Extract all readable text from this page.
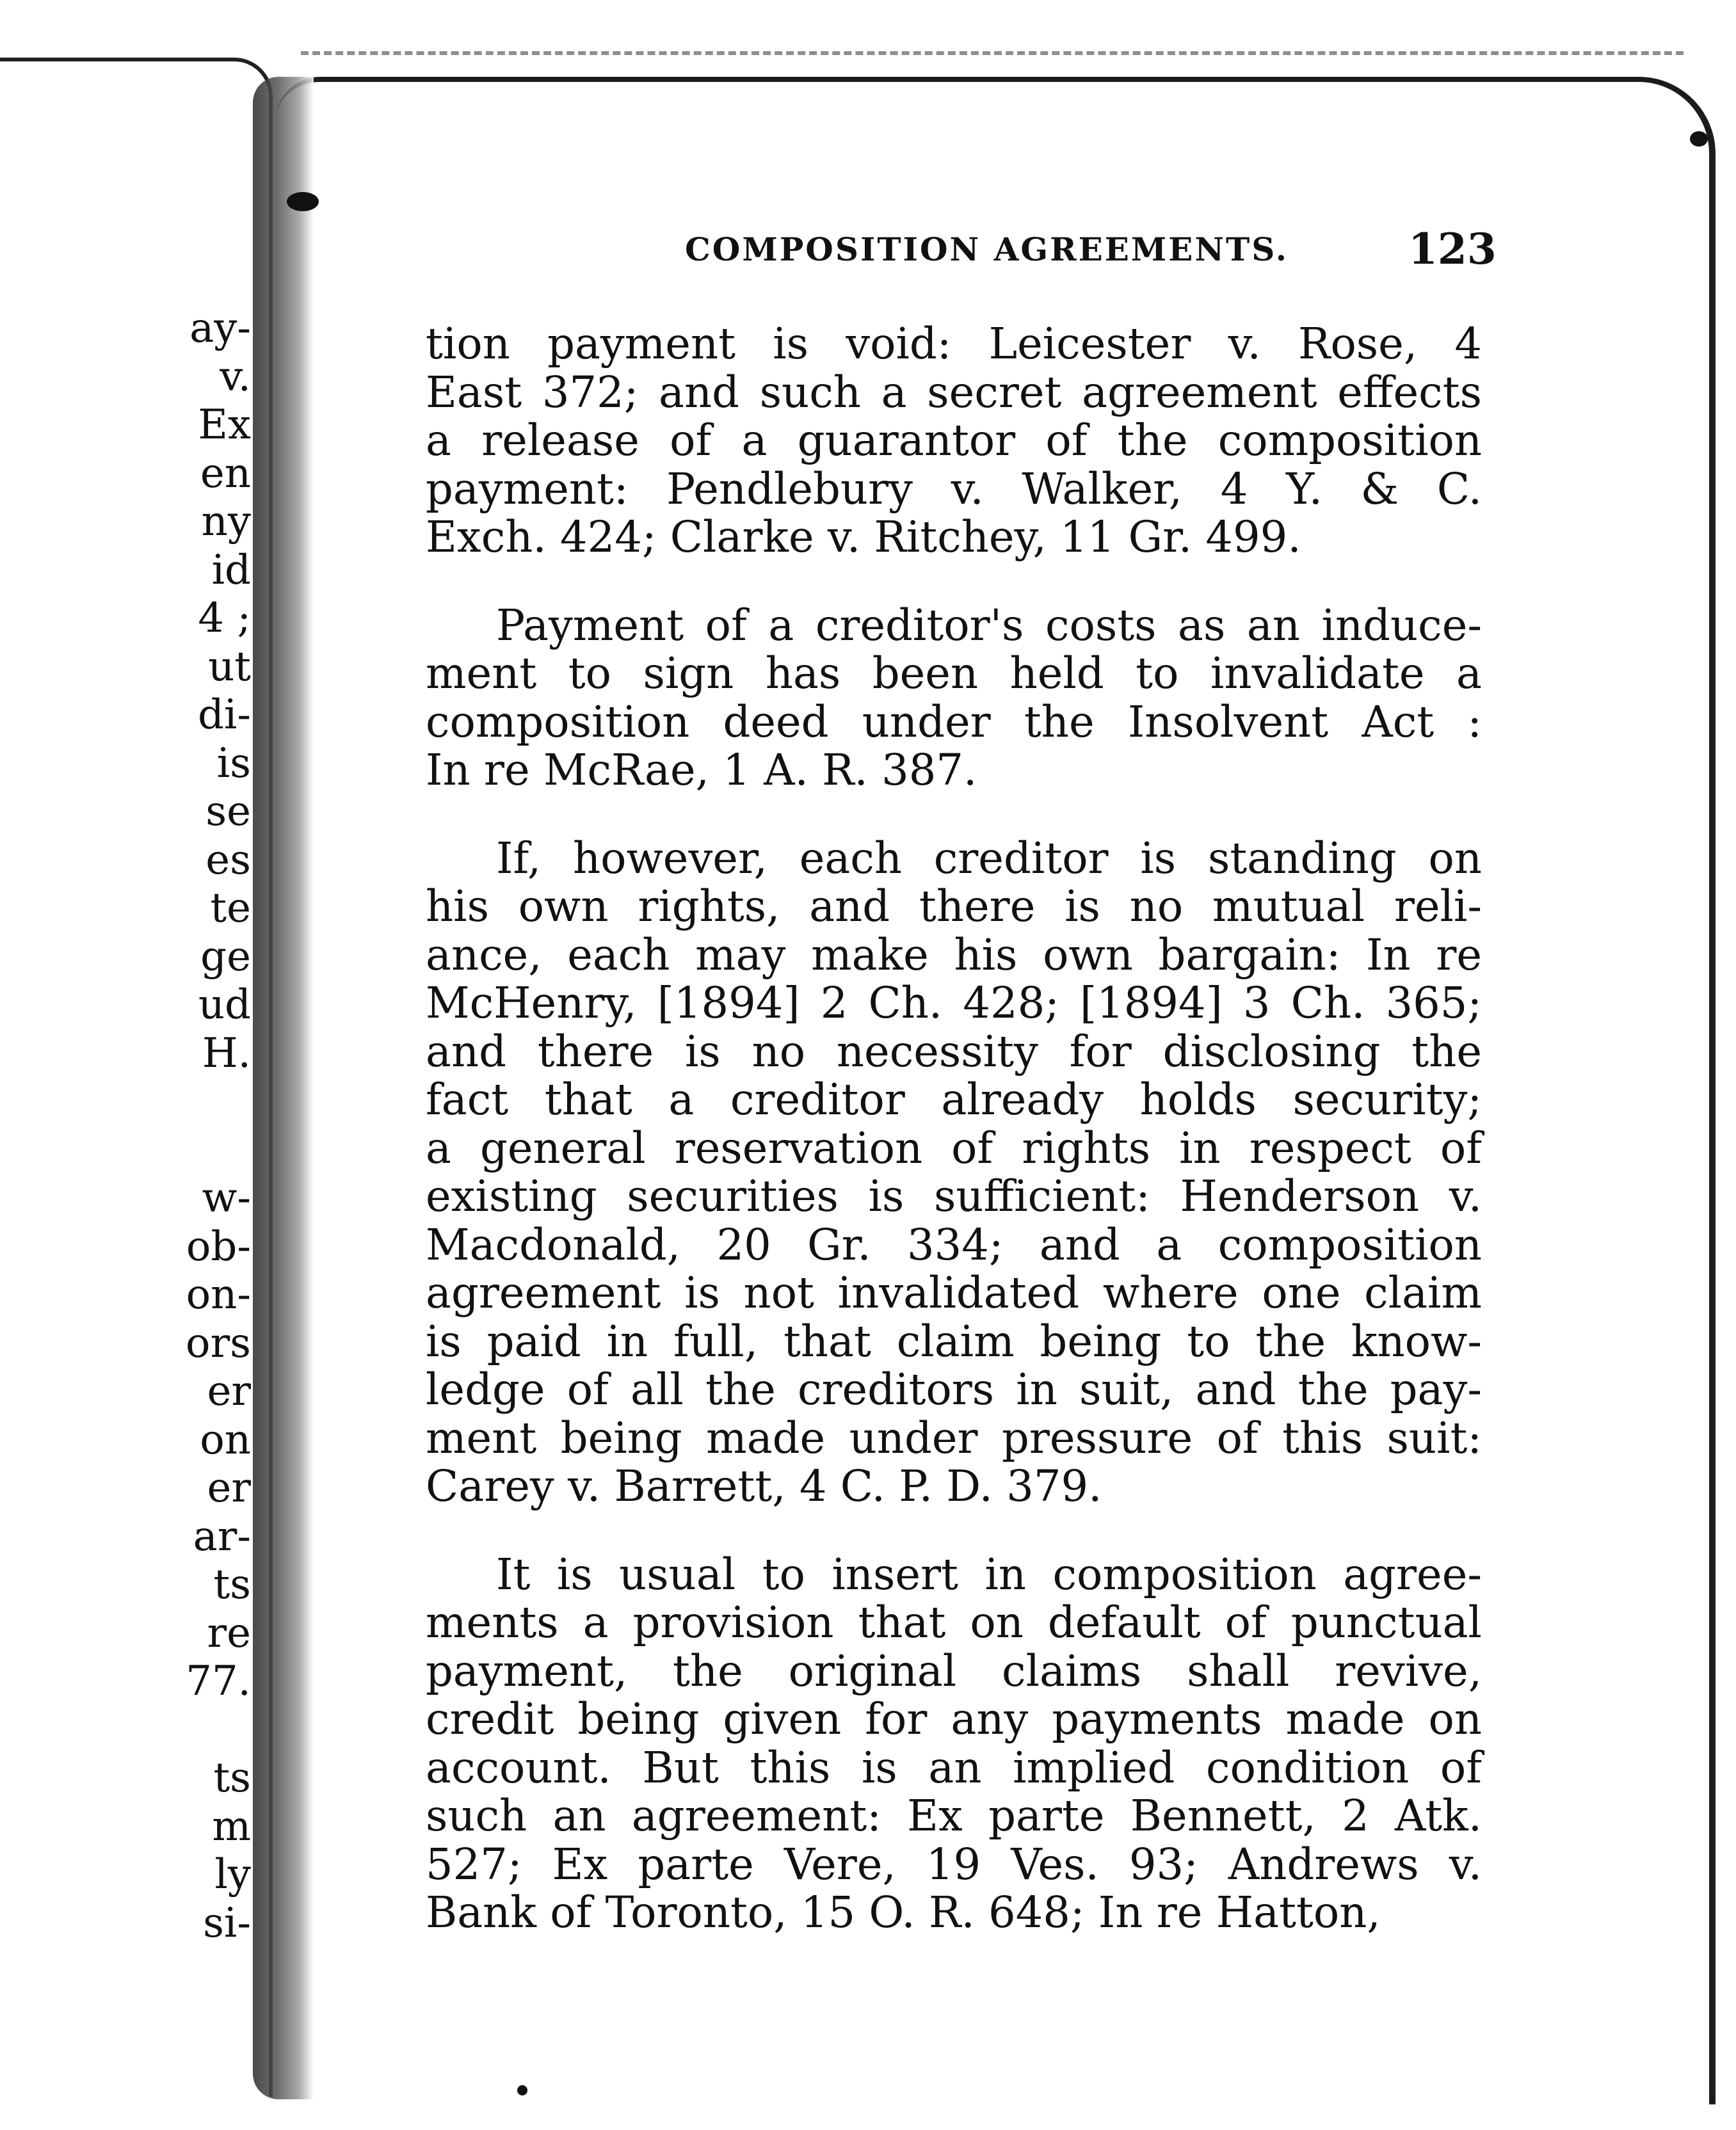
ay-
v.
Ex
en
ny
id
4 ;
ut
di-
is
se
es
te
ge
ud
H.

w-
ob-
on-
ors
er
on
er
ar-
ts
re
77.

ts
m
ly
si-
COMPOSITION AGREEMENTS.	123
tion payment is void: Leicester v. Rose, 4
East 372; and such a secret agreement effects
a release of a guarantor of the composition
payment: Pendlebury v. Walker, 4 Y. & C.
Exch. 424; Clarke v. Ritchey, 11 Gr. 499.
Payment of a creditor's costs as an induce-
ment to sign has been held to invalidate a
composition deed under the Insolvent Act :
In re McRae, 1 A. R. 387.
If, however, each creditor is standing on
his own rights, and there is no mutual reli-
ance, each may make his own bargain: In re
McHenry, [1894] 2 Ch. 428; [1894] 3 Ch. 365;
and there is no necessity for disclosing the
fact that a creditor already holds security;
a general reservation of rights in respect of
existing securities is sufficient: Henderson v.
Macdonald, 20 Gr. 334; and a composition
agreement is not invalidated where one claim
is paid in full, that claim being to the know-
ledge of all the creditors in suit, and the pay-
ment being made under pressure of this suit:
Carey v. Barrett, 4 C. P. D. 379.
It is usual to insert in composition agree-
ments a provision that on default of punctual
payment, the original claims shall revive,
credit being given for any payments made on
account. But this is an implied condition of
such an agreement: Ex parte Bennett, 2 Atk.
527; Ex parte Vere, 19 Ves. 93; Andrews v.
Bank of Toronto, 15 O. R. 648; In re Hatton,
